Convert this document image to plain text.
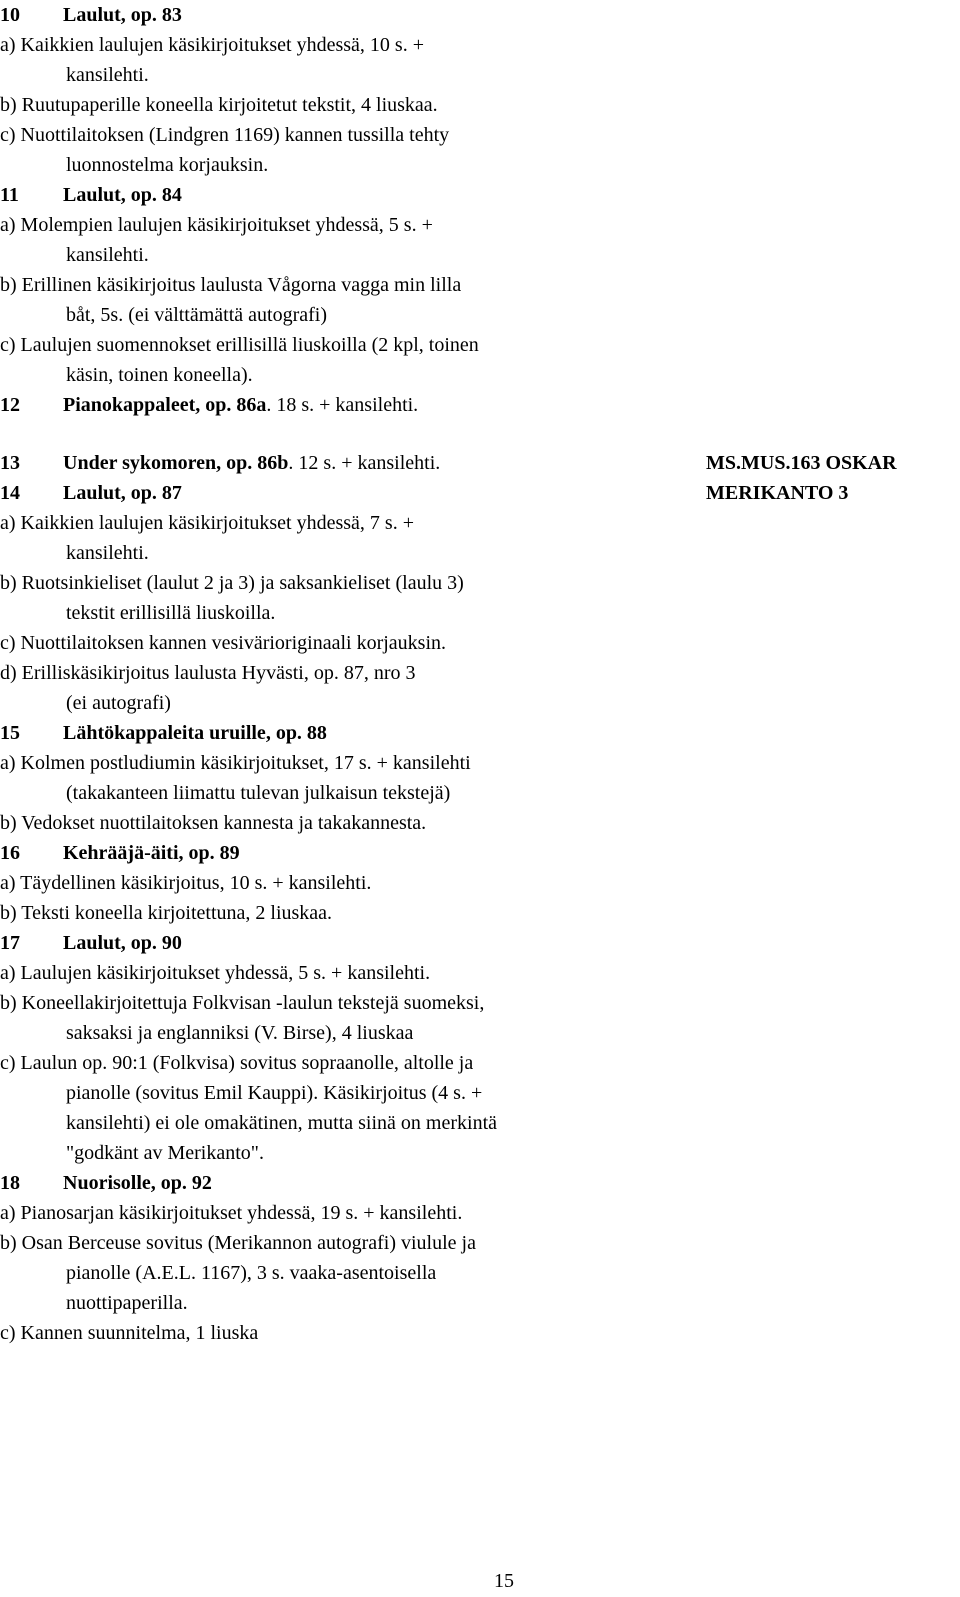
10 Laulut, op. 83
a) Kaikkien laulujen käsikirjoitukset yhdessä, 10 s. +
kansilehti.
b) Ruutupaperille koneella kirjoitetut tekstit, 4 liuskaa.
c) Nuottilaitoksen (Lindgren 1169) kannen tussilla tehty
luonnostelma korjauksin.
11 Laulut, op. 84
a) Molempien laulujen käsikirjoitukset yhdessä, 5 s. +
kansilehti.
b) Erillinen käsikirjoitus laulusta Vågorna vagga min lilla
båt, 5s. (ei välttämättä autografi)
c) Laulujen suomennokset erillisillä liuskoilla (2 kpl, toinen
käsin, toinen koneella).
12 Pianokappaleet, op. 86a. 18 s. + kansilehti.
13 Under sykomoren, op. 86b. 12 s. + kansilehti.	MS.MUS.163 OSKAR
MERIKANTO 3
14 Laulut, op. 87
a) Kaikkien laulujen käsikirjoitukset yhdessä, 7 s. +
kansilehti.
b) Ruotsinkieliset (laulut 2 ja 3) ja saksankieliset (laulu 3)
tekstit erillisillä liuskoilla.
c) Nuottilaitoksen kannen vesivärioriginaali korjauksin.
d) Erilliskäsikirjoitus laulusta Hyvästi, op. 87, nro 3
(ei autografi)
15 Lähtökappaleita uruille, op. 88
a) Kolmen postludiumin käsikirjoitukset, 17 s. + kansilehti
(takakanteen liimattu tulevan julkaisun tekstejä)
b) Vedokset nuottilaitoksen kannesta ja takakannesta.
16 Kehrääjä-äiti, op. 89
a) Täydellinen käsikirjoitus, 10 s. + kansilehti.
b) Teksti koneella kirjoitettuna, 2 liuskaa.
17 Laulut, op. 90
a) Laulujen käsikirjoitukset yhdessä, 5 s. + kansilehti.
b) Koneellakirjoitettuja Folkvisan -laulun tekstejä suomeksi,
saksaksi ja englanniksi (V. Birse), 4 liuskaa
c) Laulun op. 90:1 (Folkvisa) sovitus sopraanolle, altolle ja
pianolle (sovitus Emil Kauppi). Käsikirjoitus (4 s. +
kansilehti) ei ole omakätinen, mutta siinä on merkintä
"godkänt av Merikanto".
18 Nuorisolle, op. 92
a) Pianosarjan käsikirjoitukset yhdessä, 19 s. + kansilehti.
b) Osan Berceuse sovitus (Merikannon autografi) viulule ja
pianolle (A.E.L. 1167), 3 s. vaaka-asentoisella
nuottipaperilla.
c) Kannen suunnitelma, 1 liuska
15
